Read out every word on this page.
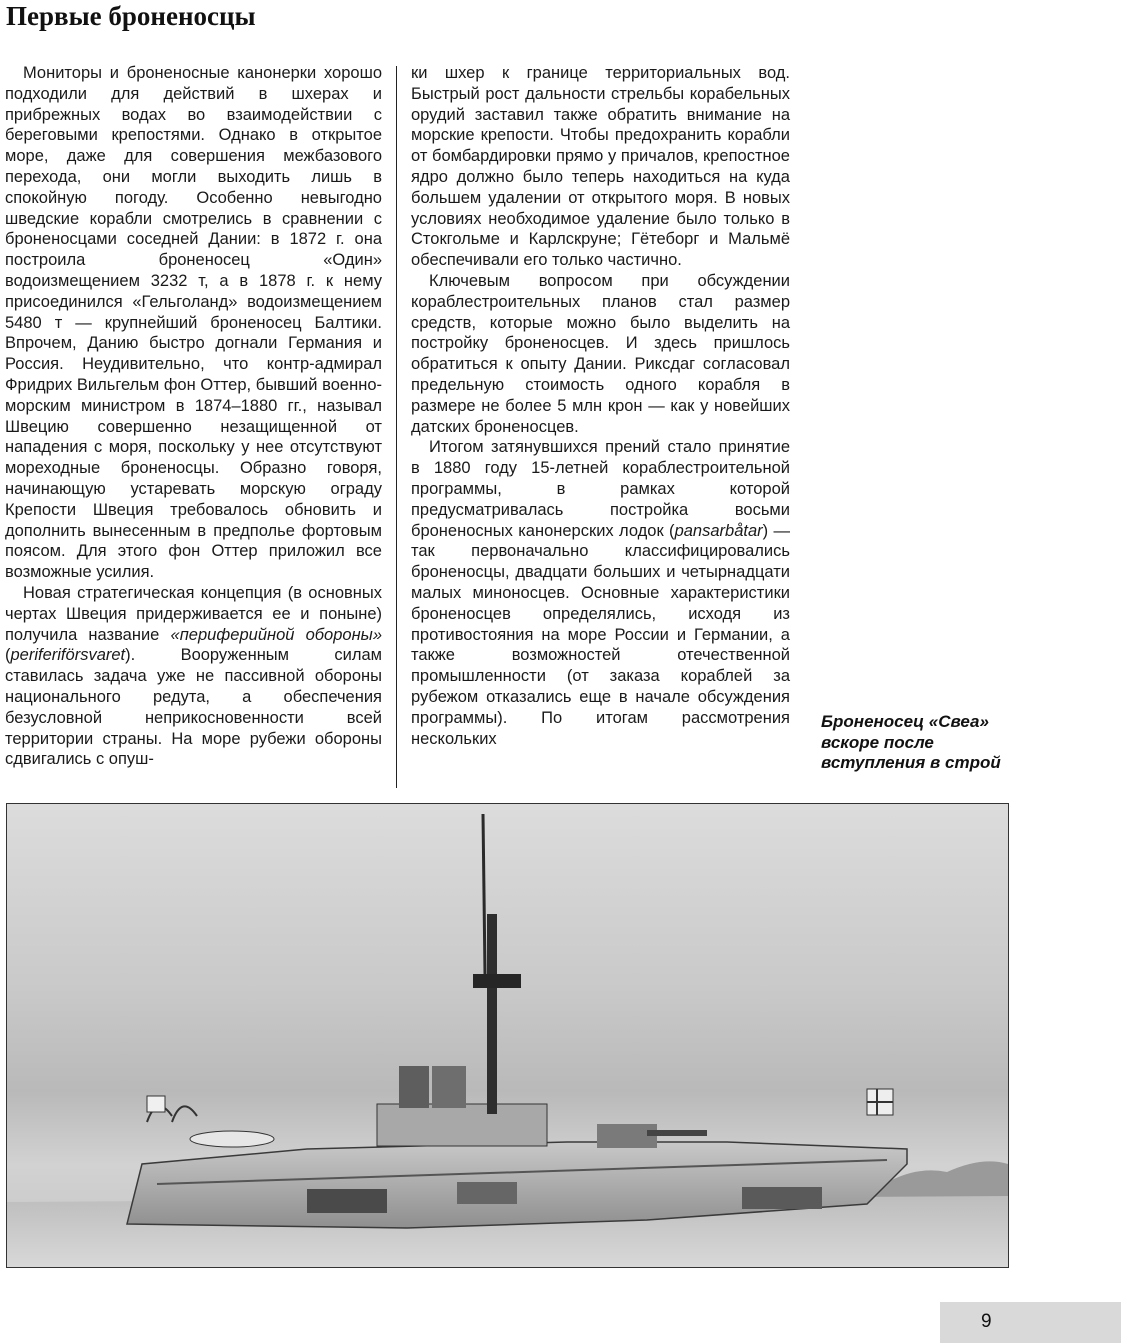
Первые броненосцы

Мониторы и броненосные канонерки хорошо подходили для действий в шхерах и прибрежных водах во взаимодействии с береговыми крепостями. Однако в открытое море, даже для совершения межбазового перехода, они могли выходить лишь в спокойную погоду. Особенно невыгодно шведские корабли смотрелись в сравнении с броненосцами соседней Дании: в 1872 г. она построила броненосец «Один» водоизмещением 3232 т, а в 1878 г. к нему присоединился «Гельголанд» водоизмещением 5480 т — крупнейший броненосец Балтики. Впрочем, Данию быстро догнали Германия и Россия. Неудивительно, что контр-адмирал Фридрих Вильгельм фон Оттер, бывший военно-морским министром в 1874–1880 гг., называл Швецию совершенно незащищенной от нападения с моря, поскольку у нее отсутствуют мореходные броненосцы. Образно говоря, начинающую устаревать морскую ограду Крепости Швеция требовалось обновить и дополнить вынесенным в предполье фортовым поясом. Для этого фон Оттер приложил все возможные усилия.

Новая стратегическая концепция (в основных чертах Швеция придерживается ее и поныне) получила название «периферийной обороны» (periferiförsvaret). Вооруженным силам ставилась задача уже не пассивной обороны национального редута, а обеспечения безусловной неприкосновенности всей территории страны. На море рубежи обороны сдвигались с опуш-

ки шхер к границе территориальных вод. Быстрый рост дальности стрельбы корабельных орудий заставил также обратить внимание на морские крепости. Чтобы предохранить корабли от бомбардировки прямо у причалов, крепостное ядро должно было теперь находиться на куда большем удалении от открытого моря. В новых условиях необходимое удаление было только в Стокгольме и Карлскруне; Гётеборг и Мальмё обеспечивали его только частично.

Ключевым вопросом при обсуждении кораблестроительных планов стал размер средств, которые можно было выделить на постройку броненосцев. И здесь пришлось обратиться к опыту Дании. Риксдаг согласовал предельную стоимость одного корабля в размере не более 5 млн крон — как у новейших датских броненосцев.

Итогом затянувшихся прений стало принятие в 1880 году 15-летней кораблестроительной программы, в рамках которой предусматривалась постройка восьми броненосных канонерских лодок (pansarbåtar) — так первоначально классифицировались броненосцы, двадцати больших и четырнадцати малых миноносцев. Основные характеристики броненосцев определялись, исходя из противостояния на море России и Германии, а также возможностей отечественной промышленности (от заказа кораблей за рубежом отказались еще в начале обсуждения программы). По итогам рассмотрения нескольких

Броненосец «Свеа» вскоре после вступления в строй
9
